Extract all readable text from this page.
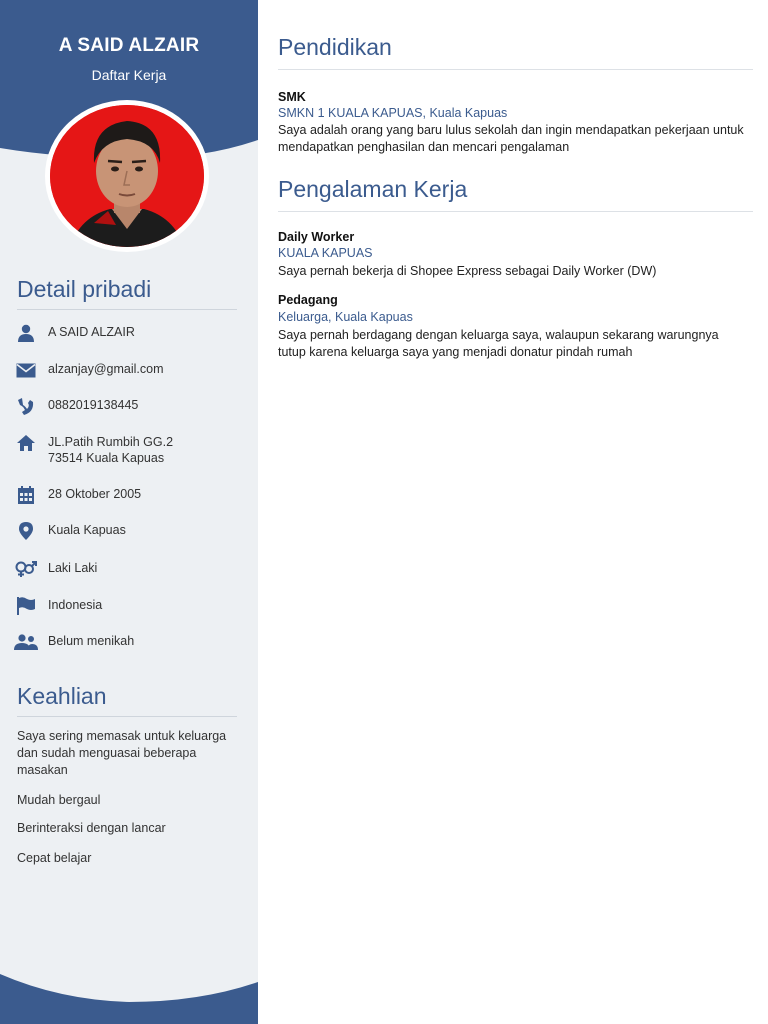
A SAID ALZAIR
Daftar Kerja
Detail pribadi
A SAID ALZAIR
alzanjay@gmail.com
0882019138445
JL.Patih Rumbih GG.2
73514 Kuala Kapuas
28 Oktober 2005
Kuala Kapuas
Laki Laki
Indonesia
Belum menikah
Keahlian
Saya sering memasak untuk keluarga dan sudah menguasai beberapa masakan
Mudah bergaul
Berinteraksi dengan lancar
Cepat belajar
Pendidikan
SMK
SMKN 1 KUALA KAPUAS, Kuala Kapuas
Saya adalah orang yang baru lulus sekolah dan ingin mendapatkan pekerjaan untuk mendapatkan penghasilan dan mencari pengalaman
Pengalaman Kerja
Daily Worker
KUALA KAPUAS
Saya pernah bekerja di Shopee Express sebagai Daily Worker (DW)
Pedagang
Keluarga, Kuala Kapuas
Saya pernah berdagang dengan keluarga saya, walaupun sekarang warungnya tutup karena keluarga saya yang menjadi donatur pindah rumah
